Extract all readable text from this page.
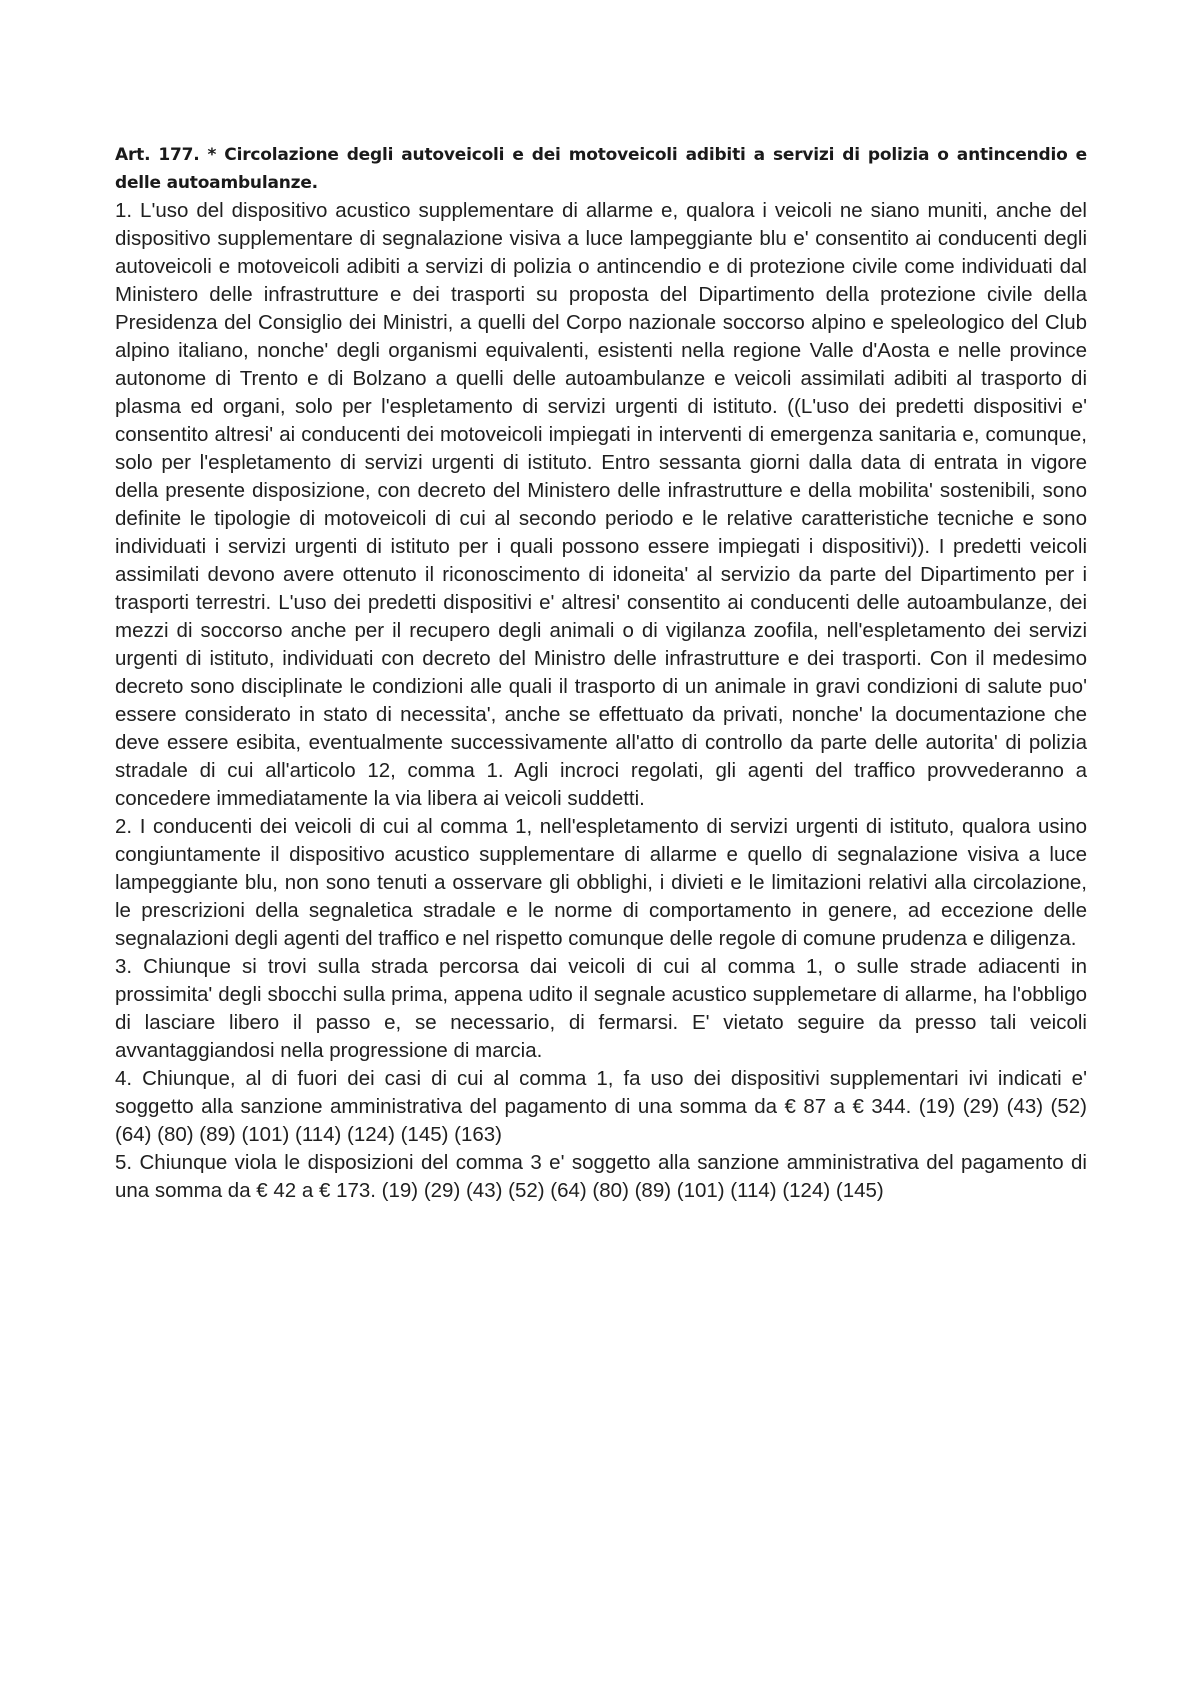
Art. 177. * Circolazione degli autoveicoli e dei motoveicoli adibiti a servizi di polizia o antincendio e delle autoambulanze.

1. L'uso del dispositivo acustico supplementare di allarme e, qualora i veicoli ne siano muniti, anche del dispositivo supplementare di segnalazione visiva a luce lampeggiante blu e' consentito ai conducenti degli autoveicoli e motoveicoli adibiti a servizi di polizia o antincendio e di protezione civile come individuati dal Ministero delle infrastrutture e dei trasporti su proposta del Dipartimento della protezione civile della Presidenza del Consiglio dei Ministri, a quelli del Corpo nazionale soccorso alpino e speleologico del Club alpino italiano, nonche' degli organismi equivalenti, esistenti nella regione Valle d'Aosta e nelle province autonome di Trento e di Bolzano a quelli delle autoambulanze e veicoli assimilati adibiti al trasporto di plasma ed organi, solo per l'espletamento di servizi urgenti di istituto. ((L'uso dei predetti dispositivi e' consentito altresi' ai conducenti dei motoveicoli impiegati in interventi di emergenza sanitaria e, comunque, solo per l'espletamento di servizi urgenti di istituto. Entro sessanta giorni dalla data di entrata in vigore della presente disposizione, con decreto del Ministero delle infrastrutture e della mobilita' sostenibili, sono definite le tipologie di motoveicoli di cui al secondo periodo e le relative caratteristiche tecniche e sono individuati i servizi urgenti di istituto per i quali possono essere impiegati i dispositivi)). I predetti veicoli assimilati devono avere ottenuto il riconoscimento di idoneita' al servizio da parte del Dipartimento per i trasporti terrestri. L'uso dei predetti dispositivi e' altresi' consentito ai conducenti delle autoambulanze, dei mezzi di soccorso anche per il recupero degli animali o di vigilanza zoofila, nell'espletamento dei servizi urgenti di istituto, individuati con decreto del Ministro delle infrastrutture e dei trasporti. Con il medesimo decreto sono disciplinate le condizioni alle quali il trasporto di un animale in gravi condizioni di salute puo' essere considerato in stato di necessita', anche se effettuato da privati, nonche' la documentazione che deve essere esibita, eventualmente successivamente all'atto di controllo da parte delle autorita' di polizia stradale di cui all'articolo 12, comma 1. Agli incroci regolati, gli agenti del traffico provvederanno a concedere immediatamente la via libera ai veicoli suddetti.

2. I conducenti dei veicoli di cui al comma 1, nell'espletamento di servizi urgenti di istituto, qualora usino congiuntamente il dispositivo acustico supplementare di allarme e quello di segnalazione visiva a luce lampeggiante blu, non sono tenuti a osservare gli obblighi, i divieti e le limitazioni relativi alla circolazione, le prescrizioni della segnaletica stradale e le norme di comportamento in genere, ad eccezione delle segnalazioni degli agenti del traffico e nel rispetto comunque delle regole di comune prudenza e diligenza.

3. Chiunque si trovi sulla strada percorsa dai veicoli di cui al comma 1, o sulle strade adiacenti in prossimita' degli sbocchi sulla prima, appena udito il segnale acustico supplemetare di allarme, ha l'obbligo di lasciare libero il passo e, se necessario, di fermarsi. E' vietato seguire da presso tali veicoli avvantaggiandosi nella progressione di marcia.

4. Chiunque, al di fuori dei casi di cui al comma 1, fa uso dei dispositivi supplementari ivi indicati e' soggetto alla sanzione amministrativa del pagamento di una somma da € 87 a € 344. (19) (29) (43) (52) (64) (80) (89) (101) (114) (124) (145) (163)

5. Chiunque viola le disposizioni del comma 3 e' soggetto alla sanzione amministrativa del pagamento di una somma da € 42 a € 173. (19) (29) (43) (52) (64) (80) (89) (101) (114) (124) (145)
